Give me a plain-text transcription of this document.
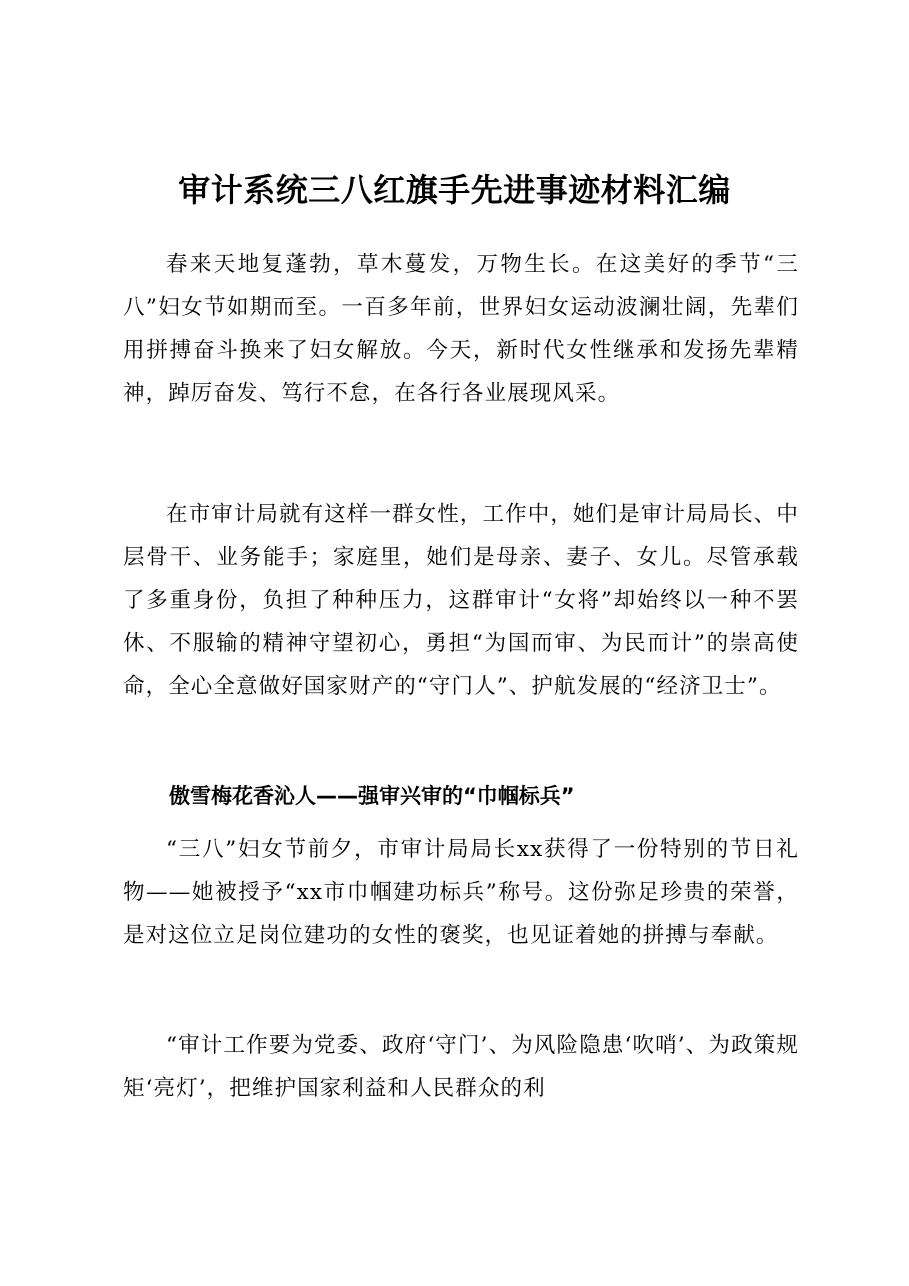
审计系统三八红旗手先进事迹材料汇编

春来天地复蓬勃，草木蔓发，万物生长。在这美好的季节“三八”妇女节如期而至。一百多年前，世界妇女运动波澜壮阔，先辈们用拼搏奋斗换来了妇女解放。今天，新时代女性继承和发扬先辈精神，踔厉奋发、笃行不怠，在各行各业展现风采。

在市审计局就有这样一群女性，工作中，她们是审计局局长、中层骨干、业务能手；家庭里，她们是母亲、妻子、女儿。尽管承载了多重身份，负担了种种压力，这群审计“女将”却始终以一种不罢休、不服输的精神守望初心，勇担“为国而审、为民而计”的崇高使命，全心全意做好国家财产的“守门人”、护航发展的“经济卫士”。

傲雪梅花香沁人——强审兴审的“巾帼标兵”

“三八”妇女节前夕，市审计局局长xx获得了一份特别的节日礼物——她被授予“xx市巾帼建功标兵”称号。这份弥足珍贵的荣誉，是对这位立足岗位建功的女性的褒奖，也见证着她的拼搏与奉献。

“审计工作要为党委、政府‘守门’、为风险隐患‘吹哨’、为政策规矩‘亮灯’，把维护国家利益和人民群众的利
